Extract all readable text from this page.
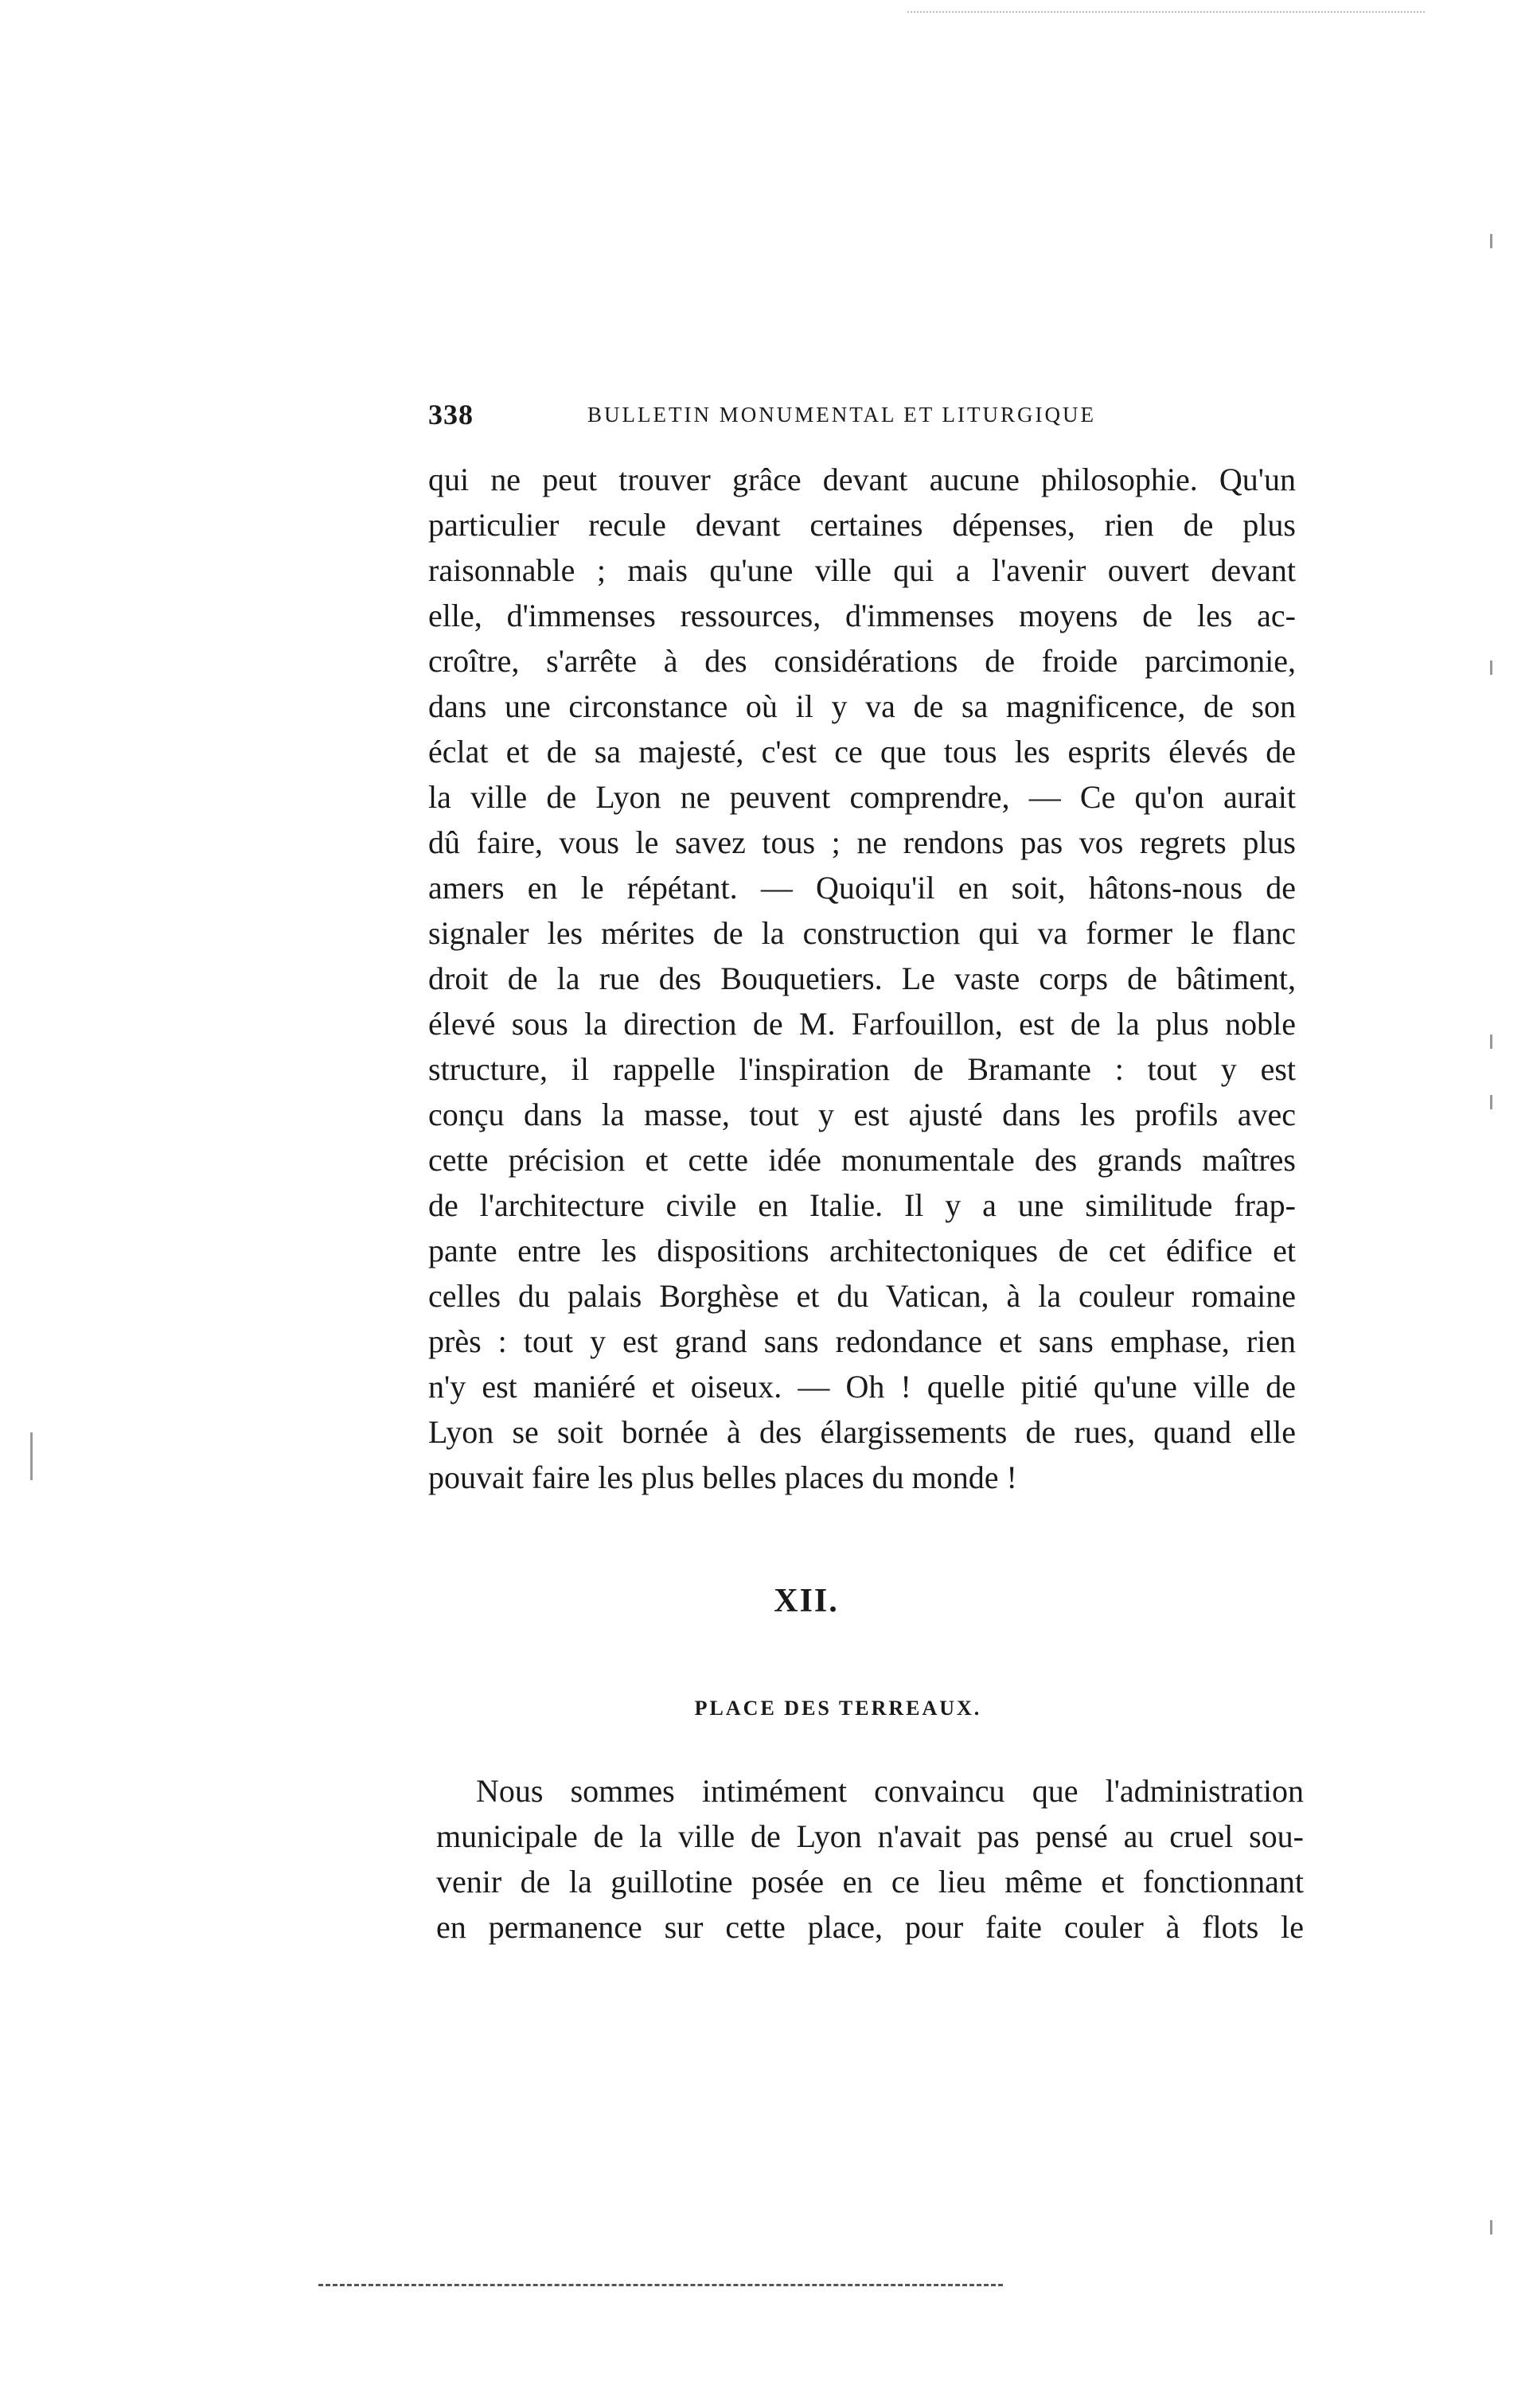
338	BULLETIN MONUMENTAL ET LITURGIQUE
qui ne peut trouver grâce devant aucune philosophie. Qu'un
particulier recule devant certaines dépenses, rien de plus
raisonnable ; mais qu'une ville qui a l'avenir ouvert devant
elle, d'immenses ressources, d'immenses moyens de les ac-
croître, s'arrête à des considérations de froide parcimonie,
dans une circonstance où il y va de sa magnificence, de son
éclat et de sa majesté, c'est ce que tous les esprits élevés de
la ville de Lyon ne peuvent comprendre, — Ce qu'on aurait
dû faire, vous le savez tous ; ne rendons pas vos regrets plus
amers en le répétant. — Quoiqu'il en soit, hâtons-nous de
signaler les mérites de la construction qui va former le flanc
droit de la rue des Bouquetiers. Le vaste corps de bâtiment,
élevé sous la direction de M. Farfouillon, est de la plus noble
structure, il rappelle l'inspiration de Bramante : tout y est
conçu dans la masse, tout y est ajusté dans les profils avec
cette précision et cette idée monumentale des grands maîtres
de l'architecture civile en Italie. Il y a une similitude frap-
pante entre les dispositions architectoniques de cet édifice et
celles du palais Borghèse et du Vatican, à la couleur romaine
près : tout y est grand sans redondance et sans emphase, rien
n'y est maniéré et oiseux. — Oh ! quelle pitié qu'une ville de
Lyon se soit bornée à des élargissements de rues, quand elle
pouvait faire les plus belles places du monde !
XII.
PLACE DES TERREAUX.
Nous sommes intimément convaincu que l'administration
municipale de la ville de Lyon n'avait pas pensé au cruel sou-
venir de la guillotine posée en ce lieu même et fonctionnant
en permanence sur cette place, pour faite couler à flots le
